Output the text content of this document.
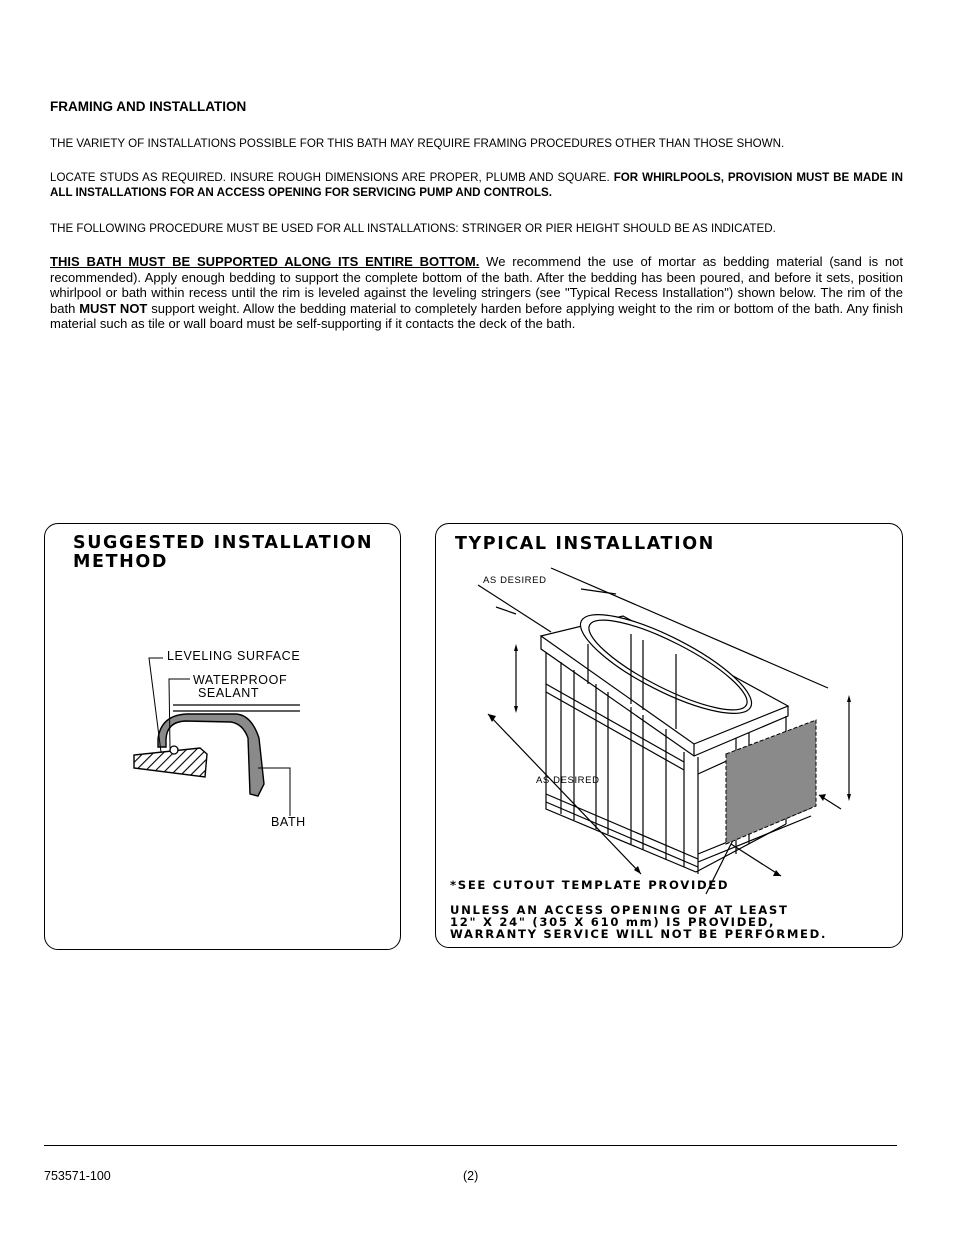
FRAMING AND INSTALLATION
THE VARIETY OF INSTALLATIONS POSSIBLE FOR THIS BATH MAY REQUIRE FRAMING PROCEDURES OTHER THAN THOSE SHOWN.
LOCATE STUDS AS REQUIRED. INSURE ROUGH DIMENSIONS ARE PROPER, PLUMB AND SQUARE. FOR WHIRLPOOLS, PROVISION MUST BE MADE IN ALL INSTALLATIONS FOR AN ACCESS OPENING FOR SERVICING PUMP AND CONTROLS.
THE FOLLOWING PROCEDURE MUST BE USED FOR ALL INSTALLATIONS: STRINGER OR PIER HEIGHT SHOULD BE AS INDICATED.
THIS BATH MUST BE SUPPORTED ALONG ITS ENTIRE BOTTOM. We recommend the use of mortar as bedding material (sand is not recommended). Apply enough bedding to support the complete bottom of the bath. After the bedding has been poured, and before it sets, position whirlpool or bath within recess until the rim is leveled against the leveling stringers (see "Typical Recess Installation") shown below. The rim of the bath MUST NOT support weight. Allow the bedding material to completely harden before applying weight to the rim or bottom of the bath. Any finish material such as tile or wall board must be self-supporting if it contacts the deck of the bath.
SUGGESTED INSTALLATION METHOD
LEVELING SURFACE
WATERPROOF
SEALANT
BATH
TYPICAL INSTALLATION
AS DESIRED
AS DESIRED
*SEE CUTOUT TEMPLATE PROVIDED
UNLESS AN ACCESS OPENING OF AT LEAST
12" X 24" (305 X 610 mm) IS PROVIDED,
WARRANTY SERVICE WILL NOT BE PERFORMED.
753571-100	(2)
